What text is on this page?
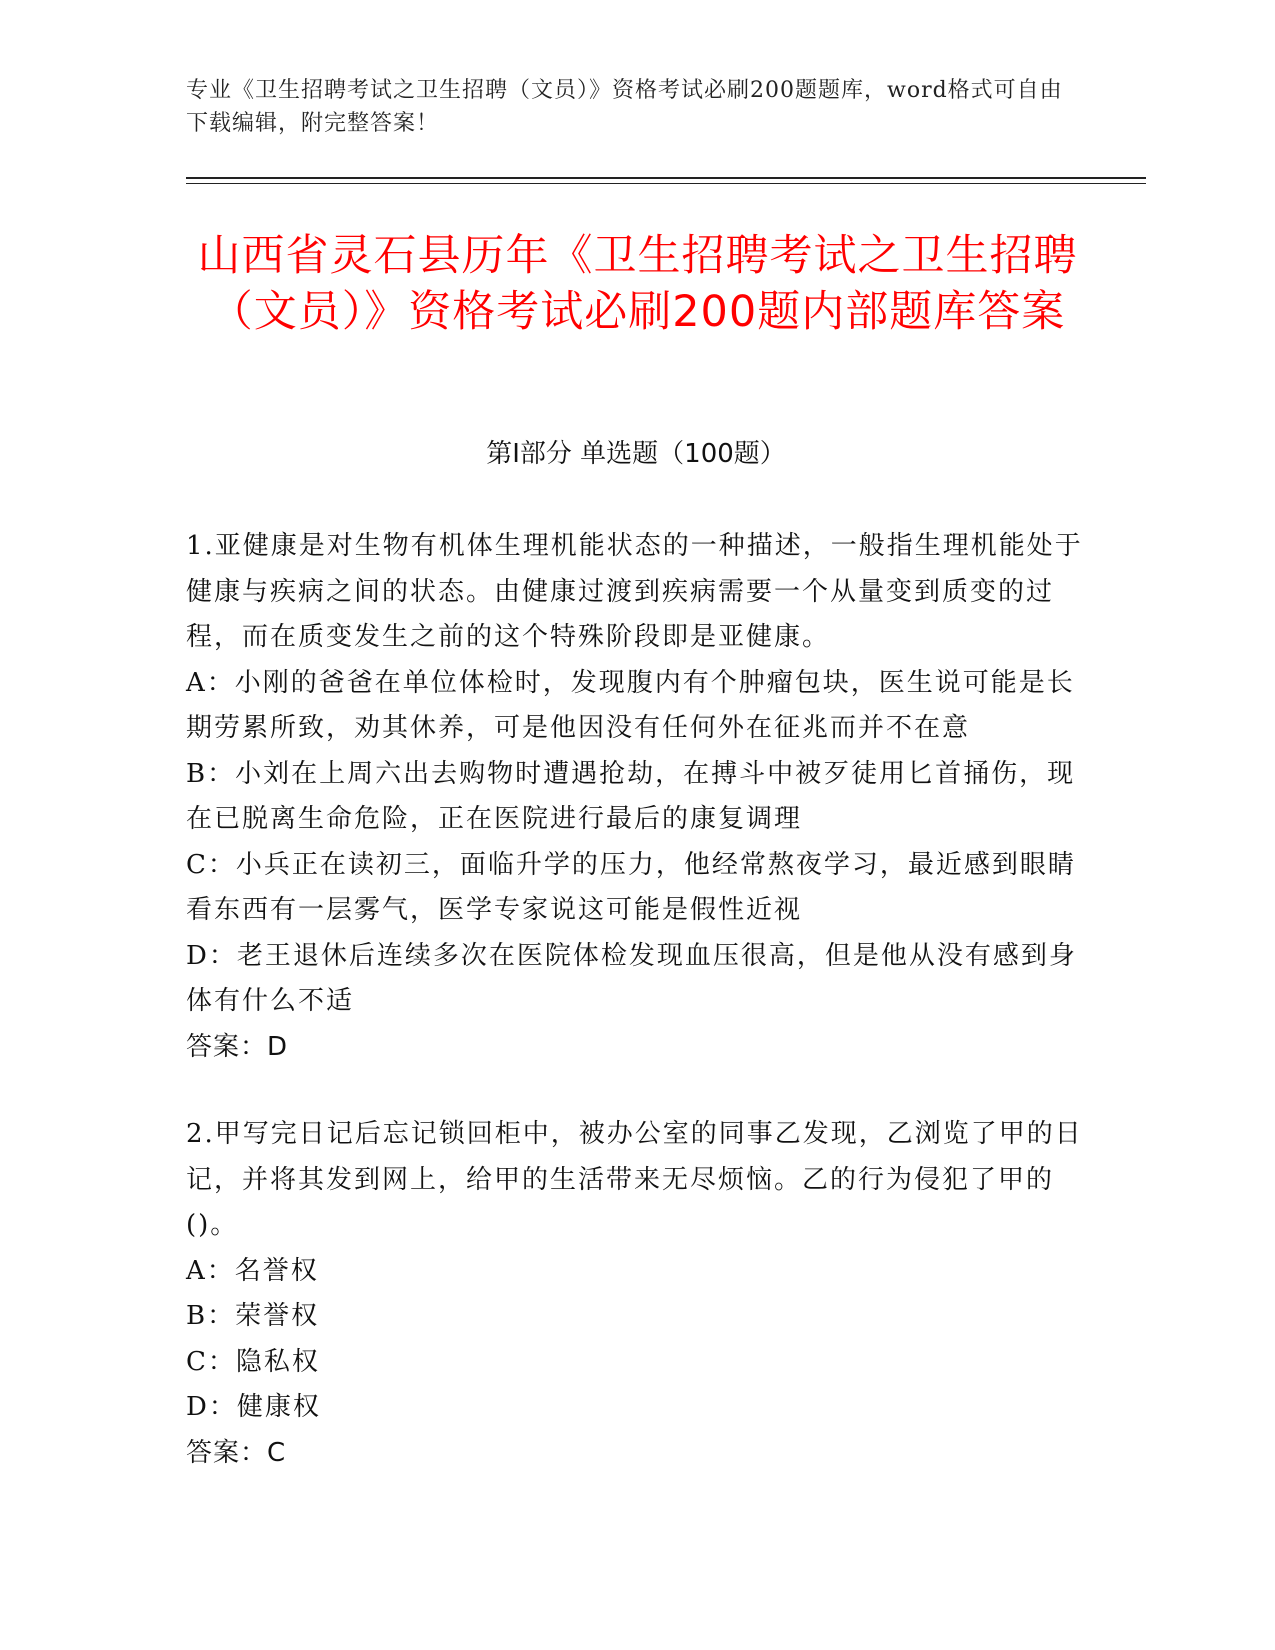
专业《卫生招聘考试之卫生招聘（文员）》资格考试必刷200题题库，word格式可自由下载编辑，附完整答案！
山西省灵石县历年《卫生招聘考试之卫生招聘（文员）》资格考试必刷200题内部题库答案
第Ⅰ部分 单选题（100题）
1.亚健康是对生物有机体生理机能状态的一种描述，一般指生理机能处于健康与疾病之间的状态。由健康过渡到疾病需要一个从量变到质变的过程，而在质变发生之前的这个特殊阶段即是亚健康。
A：小刚的爸爸在单位体检时，发现腹内有个肿瘤包块，医生说可能是长期劳累所致，劝其休养，可是他因没有任何外在征兆而并不在意
B：小刘在上周六出去购物时遭遇抢劫，在搏斗中被歹徒用匕首捅伤，现在已脱离生命危险，正在医院进行最后的康复调理
C：小兵正在读初三，面临升学的压力，他经常熬夜学习，最近感到眼睛看东西有一层雾气，医学专家说这可能是假性近视
D：老王退休后连续多次在医院体检发现血压很高，但是他从没有感到身体有什么不适
答案：D
2.甲写完日记后忘记锁回柜中，被办公室的同事乙发现，乙浏览了甲的日记，并将其发到网上，给甲的生活带来无尽烦恼。乙的行为侵犯了甲的()。
A：名誉权
B：荣誉权
C：隐私权
D：健康权
答案：C
